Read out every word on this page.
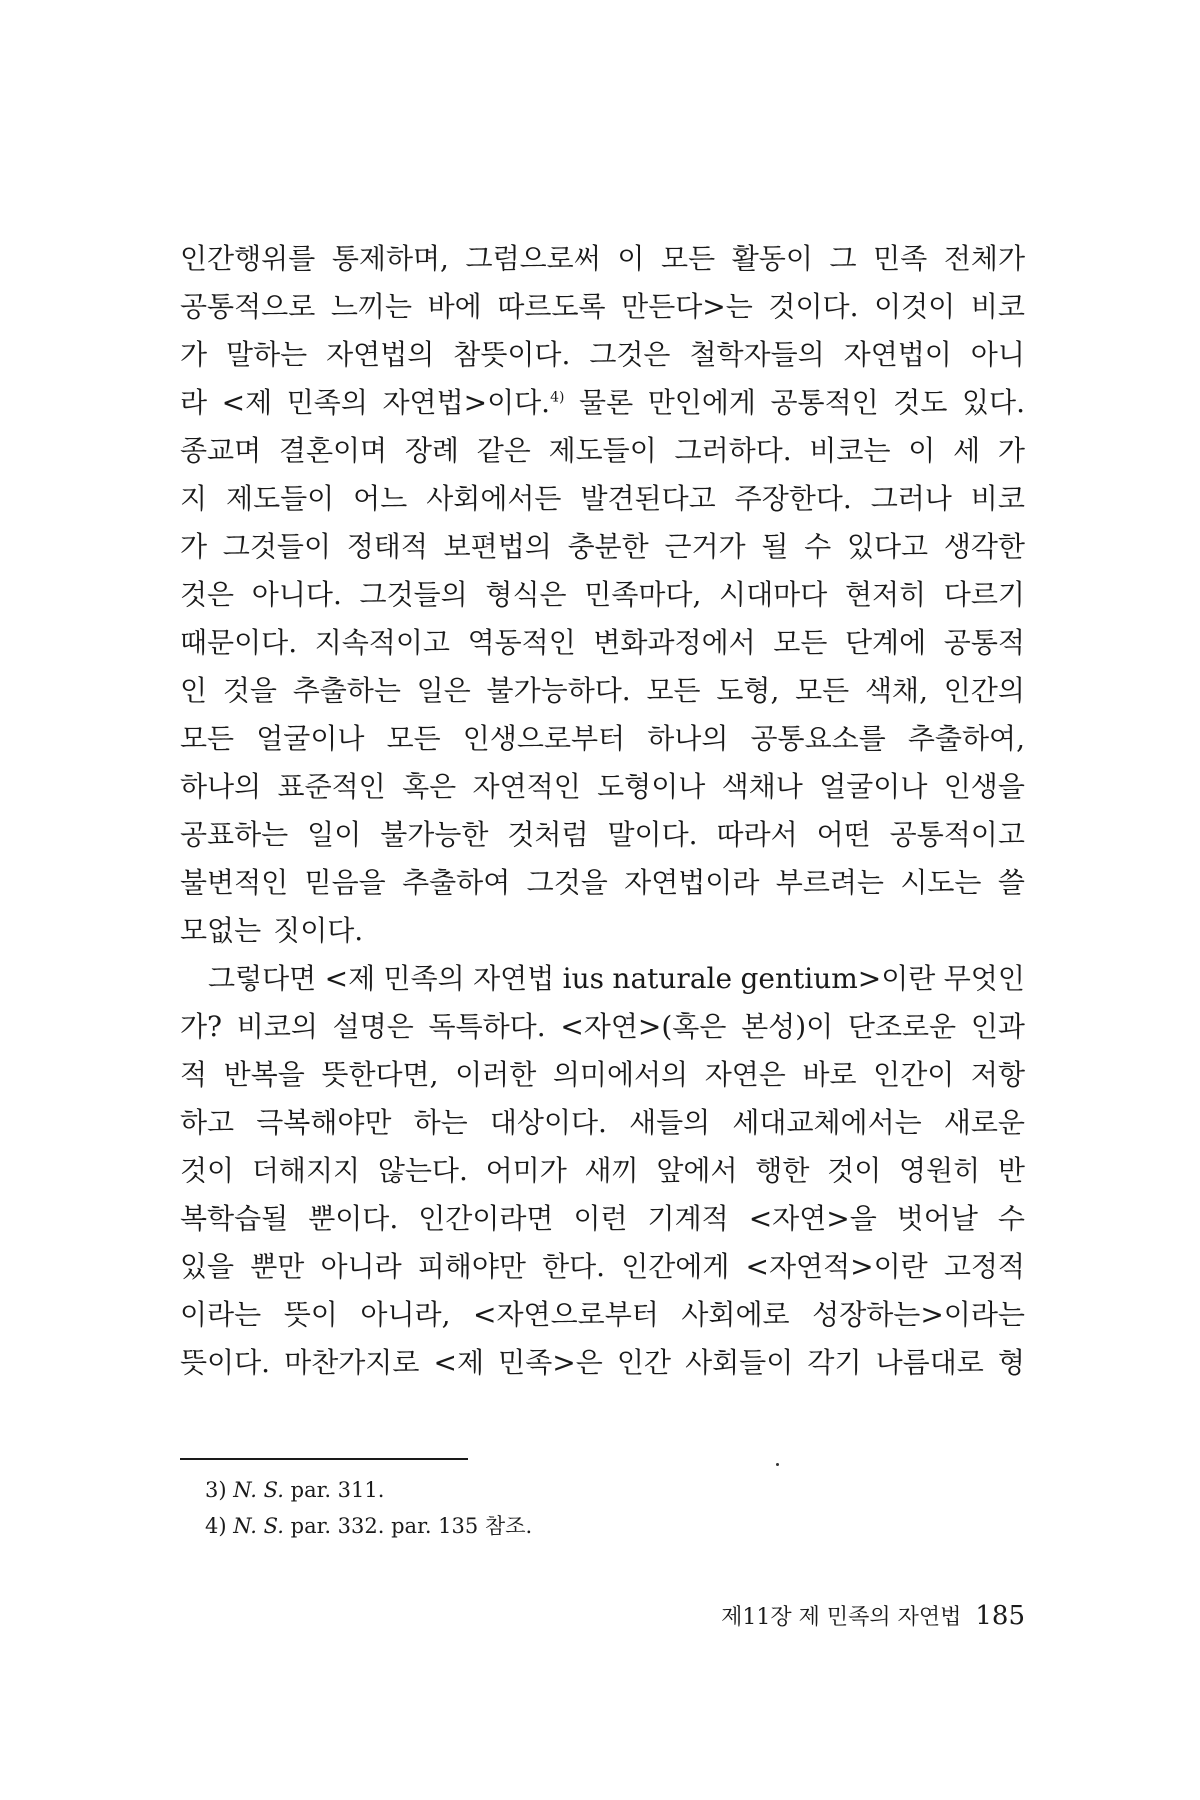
인간행위를 통제하며, 그럼으로써 이 모든 활동이 그 민족 전체가
공통적으로 느끼는 바에 따르도록 만든다>는 것이다. 이것이 비코
가 말하는 자연법의 참뜻이다. 그것은 철학자들의 자연법이 아니
라 <제 민족의 자연법>이다.$^{4)}$ 물론 만인에게 공통적인 것도 있다.
종교며 결혼이며 장례 같은 제도들이 그러하다. 비코는 이 세 가
지 제도들이 어느 사회에서든 발견된다고 주장한다. 그러나 비코
가 그것들이 정태적 보편법의 충분한 근거가 될 수 있다고 생각한
것은 아니다. 그것들의 형식은 민족마다, 시대마다 현저히 다르기
때문이다. 지속적이고 역동적인 변화과정에서 모든 단계에 공통적
인 것을 추출하는 일은 불가능하다. 모든 도형, 모든 색채, 인간의
모든 얼굴이나 모든 인생으로부터 하나의 공통요소를 추출하여,
하나의 표준적인 혹은 자연적인 도형이나 색채나 얼굴이나 인생을
공표하는 일이 불가능한 것처럼 말이다. 따라서 어떤 공통적이고
불변적인 믿음을 추출하여 그것을 자연법이라 부르려는 시도는 쓸
모없는 짓이다.
그렇다면 <제 민족의 자연법 ius naturale gentium>이란 무엇인
가? 비코의 설명은 독특하다. <자연>(혹은 본성)이 단조로운 인과
적 반복을 뜻한다면, 이러한 의미에서의 자연은 바로 인간이 저항
하고 극복해야만 하는 대상이다. 새들의 세대교체에서는 새로운
것이 더해지지 않는다. 어미가 새끼 앞에서 행한 것이 영원히 반
복학습될 뿐이다. 인간이라면 이런 기계적 <자연>을 벗어날 수
있을 뿐만 아니라 피해야만 한다. 인간에게 <자연적>이란 고정적
이라는 뜻이 아니라, <자연으로부터 사회에로 성장하는>이라는
뜻이다. 마찬가지로 <제 민족>은 인간 사회들이 각기 나름대로 형
3) N. S. par. 311.
4) N. S. par. 332. par. 135 참조.
제11장 제 민족의 자연법 185
